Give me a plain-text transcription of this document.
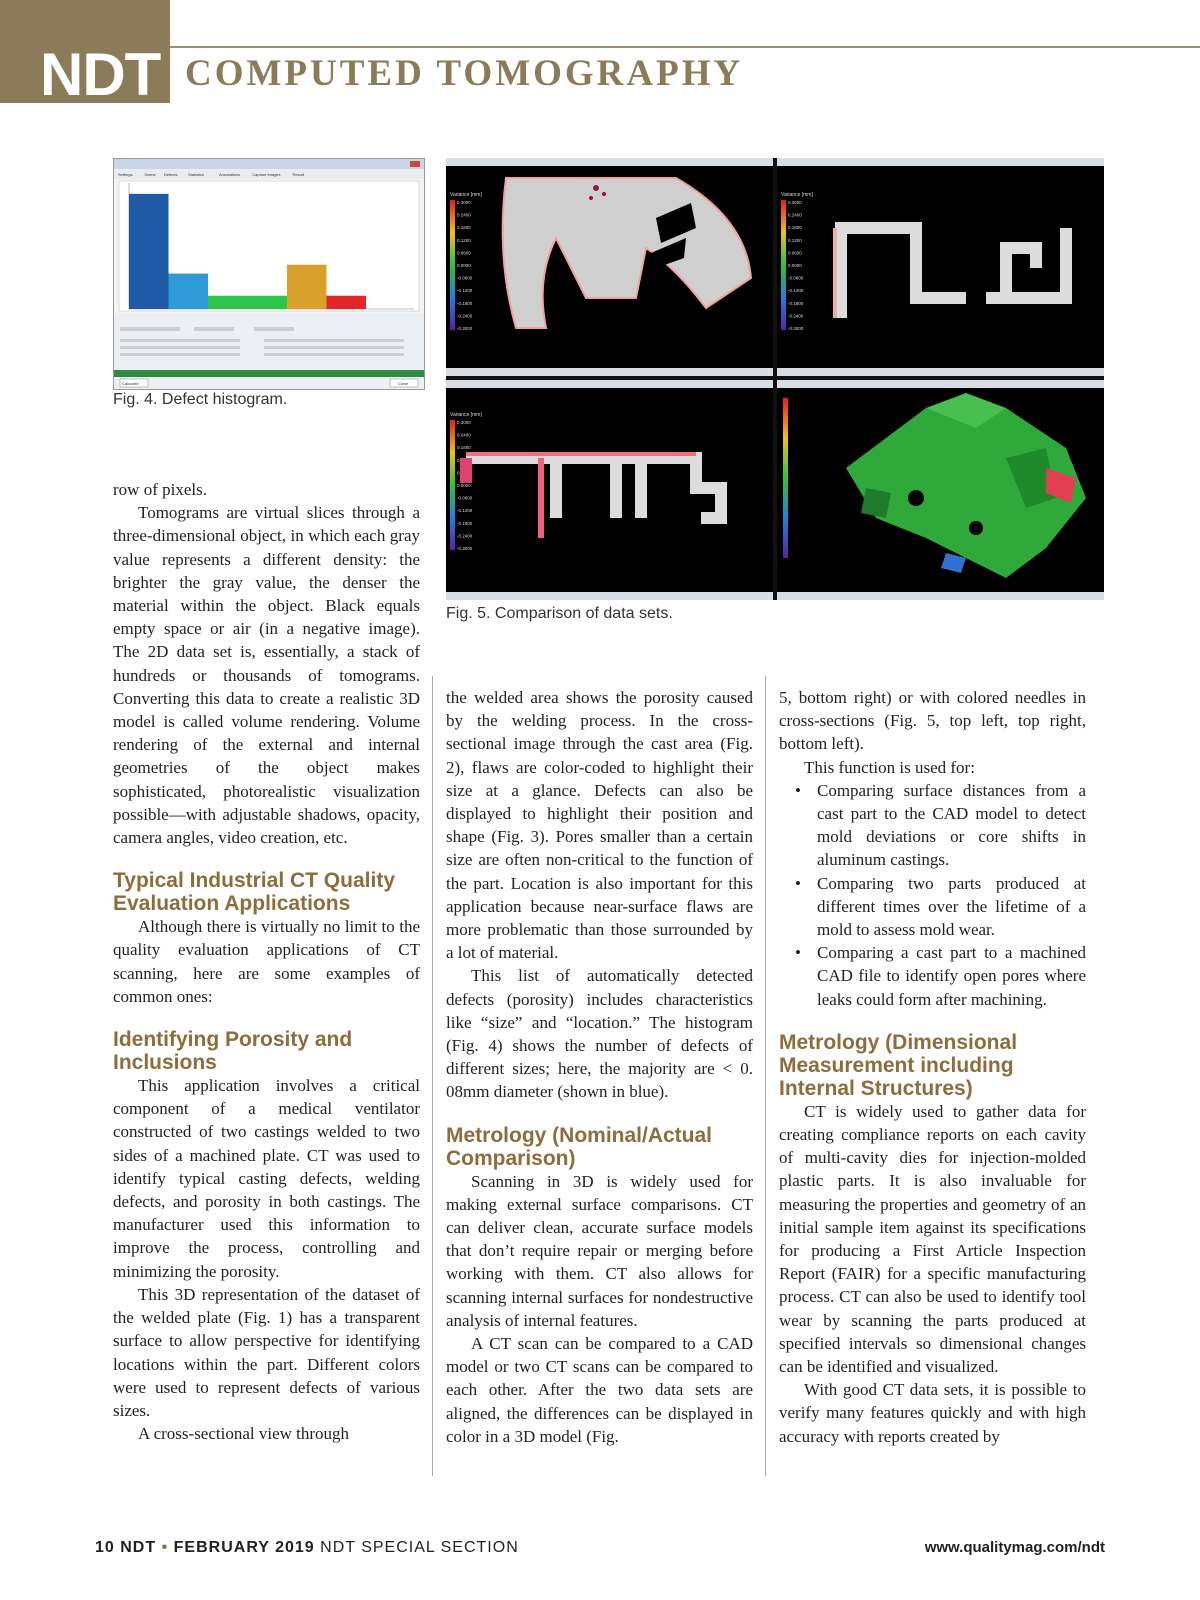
NDT COMPUTED TOMOGRAPHY
Settings	Scene Defects	Statistics	Annotations	Capture images	Result
Calculate	Close
Fig. 4. Defect histogram.
Variance [mm]
0.3000
0.2400
0.1800
0.1200
0.0600
0.0000
-0.0600
-0.1200
-0.1800
-0.2400
-0.3000
Variance [mm]
0.3000
0.2400
0.1800
0.1200
0.0600
0.0000
-0.0600
-0.1200
-0.1800
-0.2400
-0.3000
Variance [mm]
0.3000
0.2400
0.1800
0.1200
0.0600
0.0000
-0.0600
-0.1200
-0.1800
-0.2400
-0.3000
Fig. 5. Comparison of data sets.

row of pixels.

Tomograms are virtual slices through a three-dimensional object, in which each gray value represents a different density: the brighter the gray value, the denser the material within the object. Black equals empty space or air (in a negative image). The 2D data set is, essentially, a stack of hundreds or thousands of tomograms. Converting this data to create a realistic 3D model is called volume rendering. Volume rendering of the external and internal geometries of the object makes sophisticated, photorealistic visualization possible—with adjustable shadows, opacity, camera angles, video creation, etc.

Typical Industrial CT Quality Evaluation Applications

Although there is virtually no limit to the quality evaluation applications of CT scanning, here are some examples of common ones:

Identifying Porosity and Inclusions

This application involves a critical component of a medical ventilator constructed of two castings welded to two sides of a machined plate. CT was used to identify typical casting defects, welding defects, and porosity in both castings. The manufacturer used this information to improve the process, controlling and minimizing the porosity.

This 3D representation of the dataset of the welded plate (Fig. 1) has a transparent surface to allow perspective for identifying locations within the part. Different colors were used to represent defects of various sizes.

A cross-sectional view through

the welded area shows the porosity caused by the welding process. In the cross-sectional image through the cast area (Fig. 2), flaws are color-coded to highlight their size at a glance. Defects can also be displayed to highlight their position and shape (Fig. 3). Pores smaller than a certain size are often non-critical to the function of the part. Location is also important for this application because near-surface flaws are more problematic than those surrounded by a lot of material.

This list of automatically detected defects (porosity) includes characteristics like “size” and “location.” The histogram (Fig. 4) shows the number of defects of different sizes; here, the majority are < 0. 08mm diameter (shown in blue).

Metrology (Nominal/Actual Comparison)

Scanning in 3D is widely used for making external surface comparisons. CT can deliver clean, accurate surface models that don’t require repair or merging before working with them. CT also allows for scanning internal surfaces for nondestructive analysis of internal features.

A CT scan can be compared to a CAD model or two CT scans can be compared to each other. After the two data sets are aligned, the differences can be displayed in color in a 3D model (Fig.

5, bottom right) or with colored needles in cross-sections (Fig. 5, top left, top right, bottom left).

This function is used for:

• Comparing surface distances from a cast part to the CAD model to detect mold deviations or core shifts in aluminum castings.
• Comparing two parts produced at different times over the lifetime of a mold to assess mold wear.
• Comparing a cast part to a machined CAD file to identify open pores where leaks could form after machining.
Metrology (Dimensional Measurement including Internal Structures)

CT is widely used to gather data for creating compliance reports on each cavity of multi-cavity dies for injection-molded plastic parts. It is also invaluable for measuring the properties and geometry of an initial sample item against its specifications for producing a First Article Inspection Report (FAIR) for a specific manufacturing process. CT can also be used to identify tool wear by scanning the parts produced at specified intervals so dimensional changes can be identified and visualized.

With good CT data sets, it is possible to verify many features quickly and with high accuracy with reports created by

10 NDT • FEBRUARY 2019 NDT SPECIAL SECTION	www.qualitymag.com/ndt
